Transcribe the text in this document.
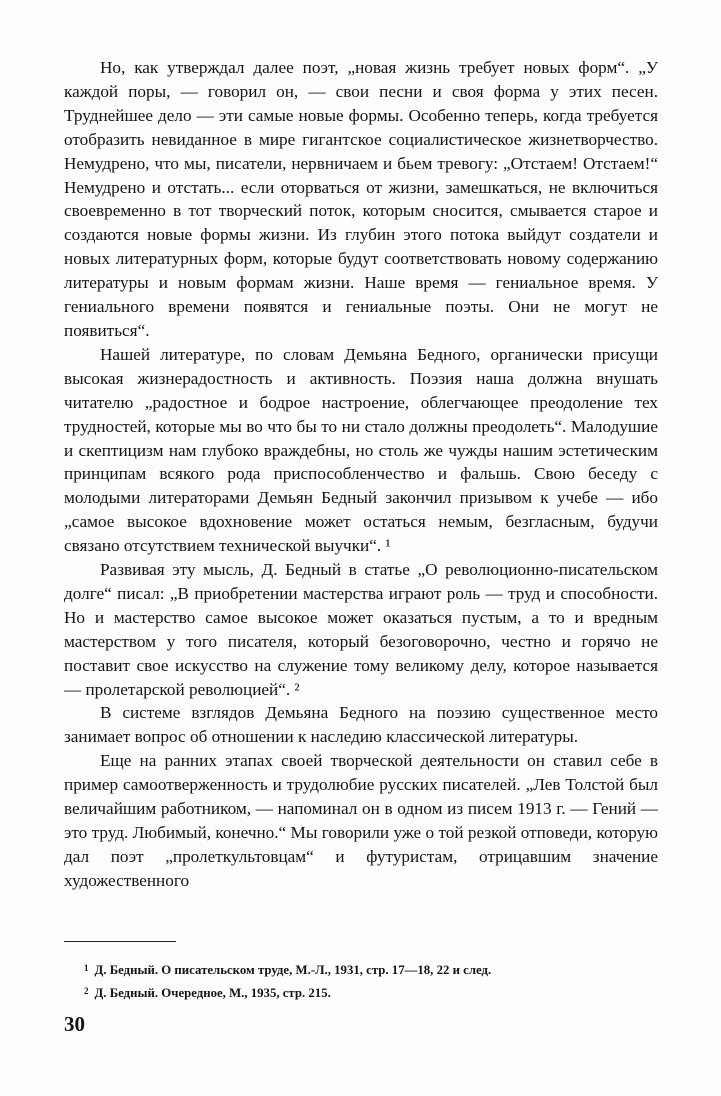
Но, как утверждал далее поэт, „новая жизнь требует новых форм“. „У каждой поры, — говорил он, — свои песни и своя форма у этих песен. Труднейшее дело — эти самые новые формы. Особенно теперь, когда требуется отобразить невиданное в мире гигантское социалистическое жизнетворчество. Немудрено, что мы, писатели, нервничаем и бьем тревогу: „Отстаем! Отстаем!“ Немудрено и отстать... если оторваться от жизни, замешкаться, не включиться своевременно в тот творческий поток, которым сносится, смывается старое и создаются новые формы жизни. Из глубин этого потока выйдут создатели и новых литературных форм, которые будут соответствовать новому содержанию литературы и новым формам жизни. Наше время — гениальное время. У гениального времени появятся и гениальные поэты. Они не могут не появиться“.

Нашей литературе, по словам Демьяна Бедного, органически присущи высокая жизнерадостность и активность. Поэзия наша должна внушать читателю „радостное и бодрое настроение, облегчающее преодоление тех трудностей, которые мы во что бы то ни стало должны преодолеть“. Малодушие и скептицизм нам глубоко враждебны, но столь же чужды нашим эстетическим принципам всякого рода приспособленчество и фальшь. Свою беседу с молодыми литераторами Демьян Бедный закончил призывом к учебе — ибо „самое высокое вдохновение может остаться немым, безгласным, будучи связано отсутствием технической выучки“. ¹

Развивая эту мысль, Д. Бедный в статье „О революционно-писательском долге“ писал: „В приобретении мастерства играют роль — труд и способности. Но и мастерство самое высокое может оказаться пустым, а то и вредным мастерством у того писателя, который безоговорочно, честно и горячо не поставит свое искусство на служение тому великому делу, которое называется — пролетарской революцией“. ²

В системе взглядов Демьяна Бедного на поэзию существенное место занимает вопрос об отношении к наследию классической литературы.

Еще на ранних этапах своей творческой деятельности он ставил себе в пример самоотверженность и трудолюбие русских писателей. „Лев Толстой был величайшим работником, — напоминал он в одном из писем 1913 г. — Гений — это труд. Любимый, конечно.“ Мы говорили уже о той резкой отповеди, которую дал поэт „пролеткультовцам“ и футуристам, отрицавшим значение художественного

$^1$ Д. Бедный. О писательском труде, М.-Л., 1931, стр. 17—18, 22 и след.
$^2$ Д. Бедный. Очередное, М., 1935, стр. 215.
30
